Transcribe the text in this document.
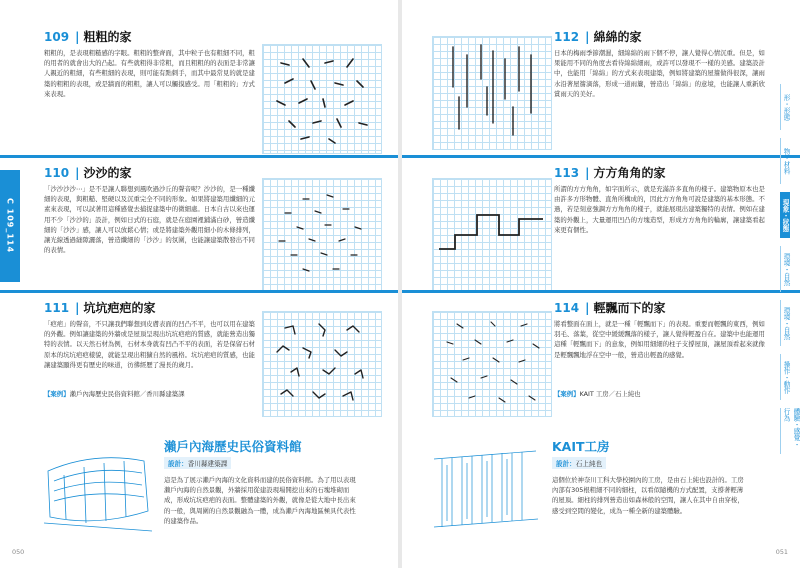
C 109_114
109 | 粗粗的家

粗粗的，是表現粗糙感的字眼。粗粗的整齊面，其中粒子也有粗細不同，粗的用者的就會出大的凸起。有些就粗得非常粗，而且粗粗的的表面是非常讓人親近的粗細，有些粗細的表現，則可能有點刺手，而其中最常見的就是建築的粗粗的表現，或是牆面的粗粗，讓人可以觸摸感受。用「粗粗的」方式來表現。

110 | 沙沙的家

「沙沙沙沙⋯」是不是讓人聯想到風吹過沙丘的聲音呢？沙沙的，是一種纖細的表現，與粗糙、堅硬以及沉重完全不同的形象。如果將建築用纖細的元素來表現，可以試著用這種感覺去捕捉建築中的微細處。日本自古以來也運用不少「沙沙的」設計，例如日式的石庭，就是在庭園裡鋪滿白砂，營造纖細的「沙沙」感，讓人可以放鬆心情；或是將建築外觀用細小的木條排列，讓光線透過縫隙灑落，營造纖細的「沙沙」的氛圍，也能讓建築散發出不同的表情。

111 | 坑坑疤疤的家

「疤疤」的聲音，不只讓我們聯想到皮膚表面的凹凸不平，也可以用在建築的外觀。例如讓建築的外牆或是屋頂呈現出坑坑疤疤的質感，就能營造出獨特的表情。以天然石材為例，石材本身就有凹凸不平的表面，若是保留石材原本的坑坑疤疤樣貌，就能呈現出粗獷自然的風格。坑坑疤疤的質感，也能讓建築顯得更有歷史的味道，彷彿經歷了漫長的歲月。

【案例】瀨戶內海歷史民俗資料館／香川縣建築課
瀨戶內海歷史民俗資料館
設計：香川縣建築課
這是為了展示瀨戶內海的文化資料而建的民俗資料館。為了用以表現瀨戶內海的自然景觀，外牆採用從建設現場開挖出來的石塊堆砌而成，形成坑坑疤疤的表面。整體建築的外觀，就像是從大地中長出來的一般，與周圍的自然景觀融為一體，成為瀨戶內海地區極具代表性的建築作品。
050
112 | 綿綿的家

日本的梅雨季節潮濕，細綿綿的雨下個不停，讓人覺得心情沉重。但是，如果能用不同的角度去看待綿綿細雨，或許可以發現不一樣的美感。建築設計中，也能用「綿綿」的方式來表現建築，例如將建築的屋簷做得很深，讓雨水沿著屋簷滴落，形成一道雨簾，營造出「綿綿」的意境，也能讓人重新欣賞雨天的美好。

113 | 方方角角的家

所謂的方方角角，如字面所示，就是充滿許多直角的樣子。建築物原本也是由許多方形物體、直角所構成的，因此方方角角可說是建築的基本形態。不過，若是刻意強調方方角角的樣子，就能展現出建築獨特的表情。例如在建築的外觀上，大量運用凹凸的方塊造型，形成方方角角的輪廓，讓建築看起來更有個性。

114 | 輕飄而下的家

將看整面在面上，就是一種「輕飄而下」的表現。重要而輕飄的東西，例如羽毛、落葉，從空中緩緩飄落的樣子，讓人覺得輕盈自在。建築中也能運用這種「輕飄而下」的意象，例如用細細的柱子支撐屋頂，讓屋頂看起來就像是輕飄飄地浮在空中一般，營造出輕盈的感覺。

【案例】KAIT 工房／石上純也
KAIT工房
設計：石上純也
這個位於神奈川工科大學校園內的工房，是由石上純也設計的。工房內部有305根粗細不同的細柱，以看似隨機的方式配置，支撐著輕薄的屋頂。細柱的排列營造出如森林般的空間，讓人在其中自由穿梭，感受到空間的變化，成為一種全新的建築體驗。
形・形態
物・材料
現象・狀態
環境・自然
環境・自然
操作・動作
體驗・感覺・行為
051
